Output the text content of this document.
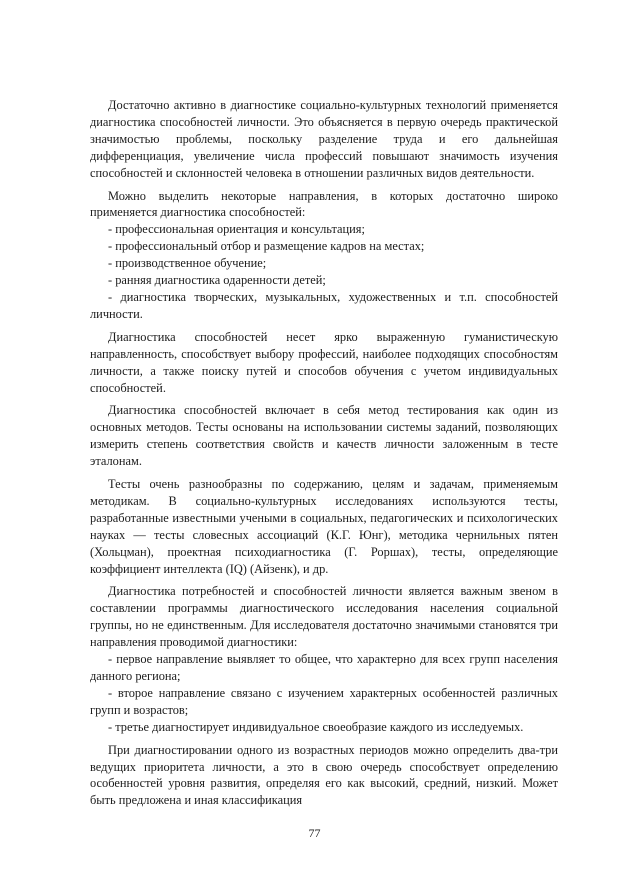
Достаточно активно в диагностике социально-культурных технологий применяется диагностика способностей личности. Это объясняется в первую очередь практической значимостью проблемы, поскольку разделение труда и его дальнейшая дифференциация, увеличение числа профессий повышают значимость изучения способностей и склонностей человека в отношении различных видов деятельности.

Можно выделить некоторые направления, в которых достаточно широко применяется диагностика способностей:

- профессиональная ориентация и консультация;

- профессиональный отбор и размещение кадров на местах;

- производственное обучение;

- ранняя диагностика одаренности детей;

- диагностика творческих, музыкальных, художественных и т.п. способностей личности.

Диагностика способностей несет ярко выраженную гуманистическую направленность, способствует выбору профессий, наиболее подходящих способностям личности, а также поиску путей и способов обучения с учетом индивидуальных способностей.

Диагностика способностей включает в себя метод тестирования как один из основных методов. Тесты основаны на использовании системы заданий, позволяющих измерить степень соответствия свойств и качеств личности заложенным в тесте эталонам.

Тесты очень разнообразны по содержанию, целям и задачам, применяемым методикам. В социально-культурных исследованиях используются тесты, разработанные известными учеными в социальных, педагогических и психологических науках — тесты словесных ассоциаций (К.Г. Юнг), методика чернильных пятен (Хольцман), проектная психодиагностика (Г. Роршах), тесты, определяющие коэффициент интеллекта (IQ) (Айзенк), и др.

Диагностика потребностей и способностей личности является важным звеном в составлении программы диагностического исследования населения социальной группы, но не единственным. Для исследователя достаточно значимыми становятся три направления проводимой диагностики:

- первое направление выявляет то общее, что характерно для всех групп населения данного региона;

- второе направление связано с изучением характерных особенностей различных групп и возрастов;

- третье диагностирует индивидуальное своеобразие каждого из исследуемых.

При диагностировании одного из возрастных периодов можно определить два-три ведущих приоритета личности, а это в свою очередь способствует определению особенностей уровня развития, определяя его как высокий, средний, низкий. Может быть предложена и иная классификация

77
